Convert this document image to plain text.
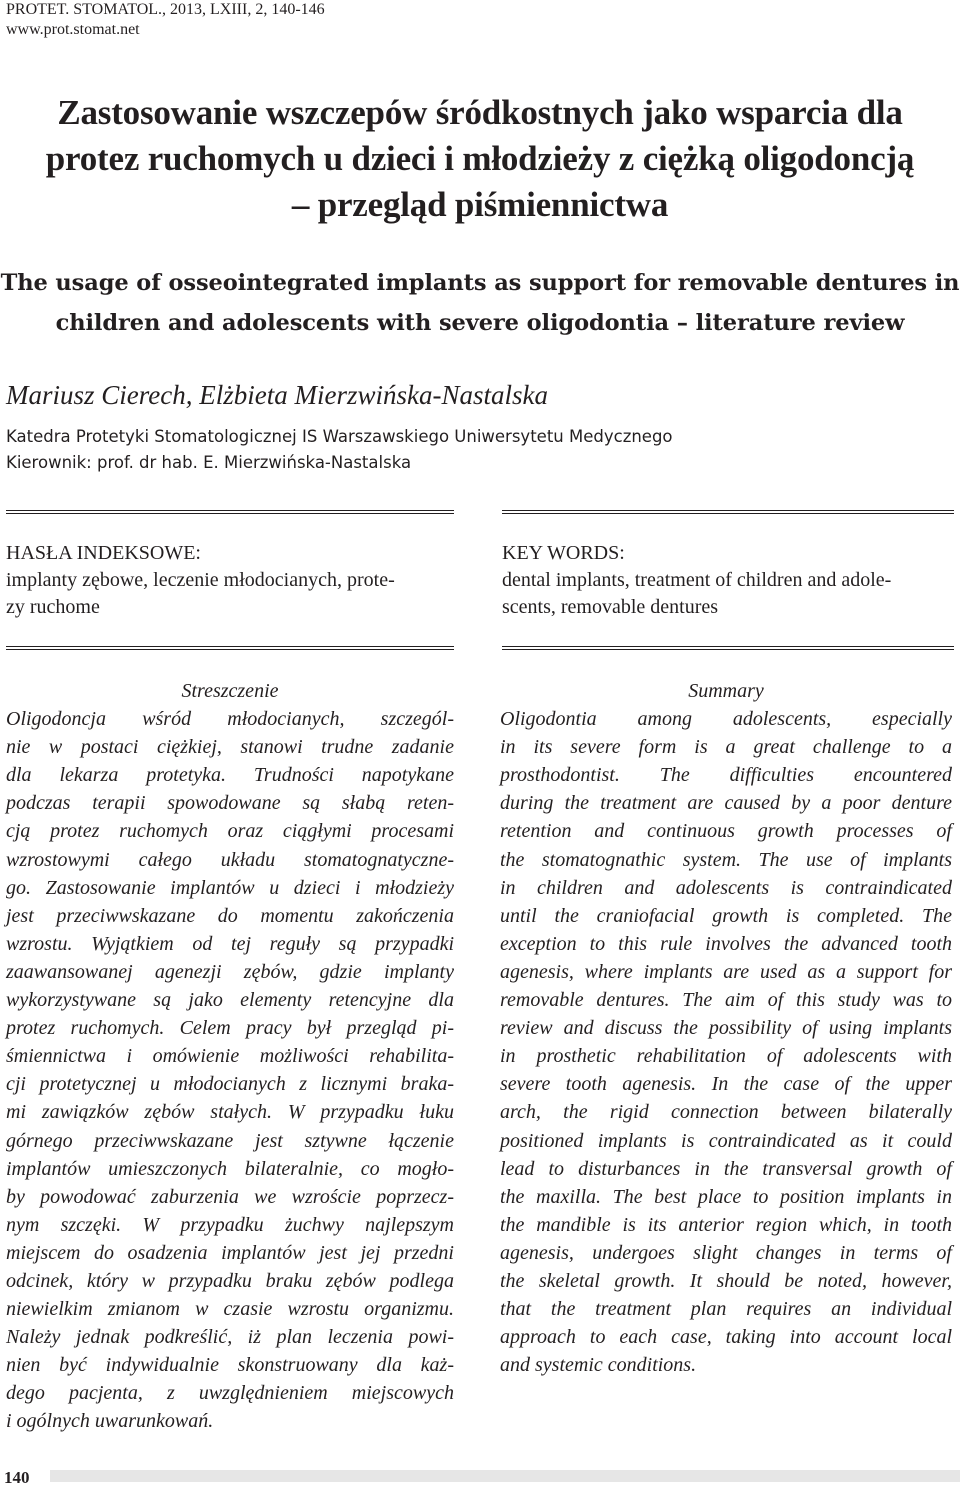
PROTET. STOMATOL., 2013, LXIII, 2, 140-146
www.prot.stomat.net
Zastosowanie wszczepów śródkostnych jako wsparcia dla
protez ruchomych u dzieci i młodzieży z ciężką oligodoncją
– przegląd piśmiennictwa
The usage of osseointegrated implants as support for removable dentures in
children and adolescents with severe oligodontia – literature review
Mariusz Cierech, Elżbieta Mierzwińska-Nastalska
Katedra Protetyki Stomatologicznej IS Warszawskiego Uniwersytetu Medycznego
Kierownik: prof. dr hab. E. Mierzwińska-Nastalska
HASŁA INDEKSOWE:
implanty zębowe, leczenie młodocianych, prote-
zy ruchome
KEY WORDS:
dental implants, treatment of children and adole-
scents, removable dentures
Streszczenie
Oligodoncja wśród młodocianych, szczegól-
nie w postaci ciężkiej, stanowi trudne zadanie
dla lekarza protetyka. Trudności napotykane
podczas terapii spowodowane są słabą reten-
cją protez ruchomych oraz ciągłymi procesami
wzrostowymi całego układu stomatognatyczne-
go. Zastosowanie implantów u dzieci i młodzieży
jest przeciwwskazane do momentu zakończenia
wzrostu. Wyjątkiem od tej reguły są przypadki
zaawansowanej agenezji zębów, gdzie implanty
wykorzystywane są jako elementy retencyjne dla
protez ruchomych. Celem pracy był przegląd pi-
śmiennictwa i omówienie możliwości rehabilita-
cji protetycznej u młodocianych z licznymi braka-
mi zawiązków zębów stałych. W przypadku łuku
górnego przeciwwskazane jest sztywne łączenie
implantów umieszczonych bilateralnie, co mogło-
by powodować zaburzenia we wzroście poprzecz-
nym szczęki. W przypadku żuchwy najlepszym
miejscem do osadzenia implantów jest jej przedni
odcinek, który w przypadku braku zębów podlega
niewielkim zmianom w czasie wzrostu organizmu.
Należy jednak podkreślić, iż plan leczenia powi-
nien być indywidualnie skonstruowany dla każ-
dego pacjenta, z uwzględnieniem miejscowych
i ogólnych uwarunkowań.
Summary
Oligodontia among adolescents, especially
in its severe form is a great challenge to a
prosthodontist. The difficulties encountered
during the treatment are caused by a poor denture
retention and continuous growth processes of
the stomatognathic system. The use of implants
in children and adolescents is contraindicated
until the craniofacial growth is completed. The
exception to this rule involves the advanced tooth
agenesis, where implants are used as a support for
removable dentures. The aim of this study was to
review and discuss the possibility of using implants
in prosthetic rehabilitation of adolescents with
severe tooth agenesis. In the case of the upper
arch, the rigid connection between bilaterally
positioned implants is contraindicated as it could
lead to disturbances in the transversal growth of
the maxilla. The best place to position implants in
the mandible is its anterior region which, in tooth
agenesis, undergoes slight changes in terms of
the skeletal growth. It should be noted, however,
that the treatment plan requires an individual
approach to each case, taking into account local
and systemic conditions.
140
